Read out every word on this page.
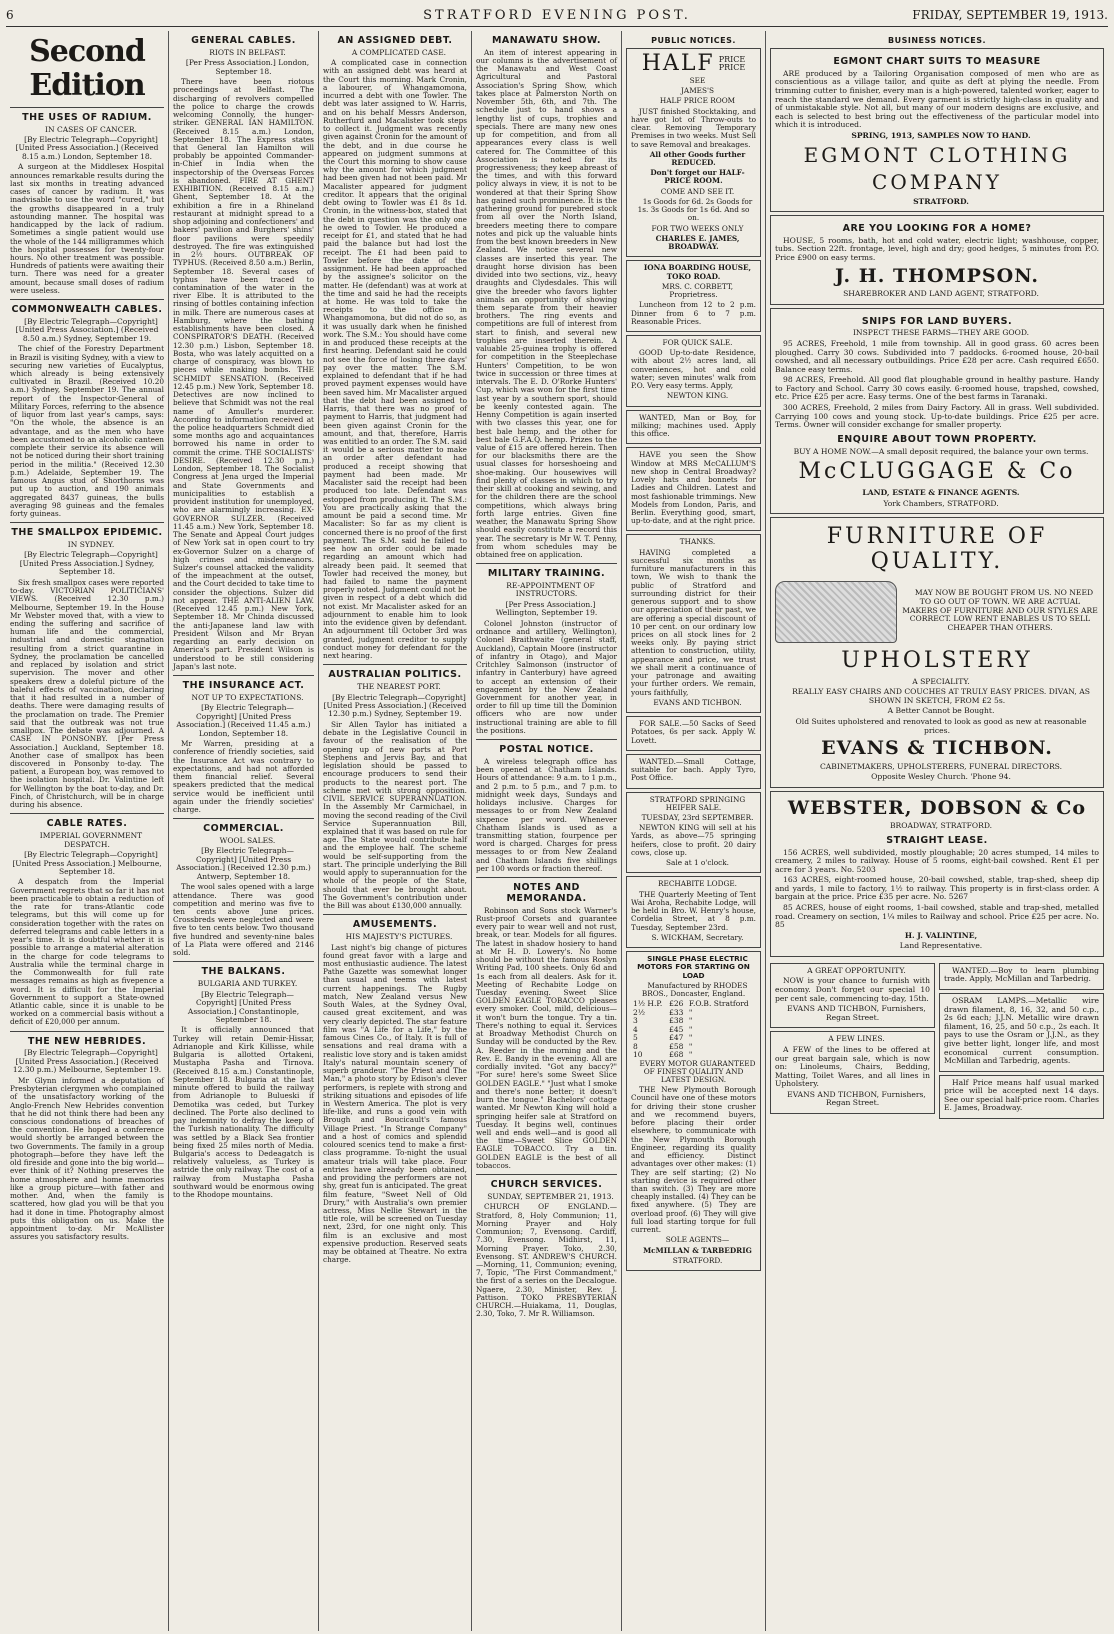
6	STRATFORD EVENING POST.	FRIDAY, SEPTEMBER 19, 1913.
Second Edition
THE USES OF RADIUM.

IN CASES OF CANCER.

[By Electric Telegraph—Copyright] [United Press Association.] (Received 8.15 a.m.) London, September 18.

A surgeon at the Middlesex Hospital announces remarkable results during the last six months in treating advanced cases of cancer by radium. It was inadvisable to use the word "cured," but the growths disappeared in a truly astounding manner. The hospital was handicapped by the lack of radium. Sometimes a single patient would use the whole of the 144 milligrammes which the hospital possesses for twenty-four hours. No other treatment was possible. Hundreds of patients were awaiting their turn. There was need for a greater amount, because small doses of radium were useless.

COMMONWEALTH CABLES.

[By Electric Telegraph—Copyright] [United Press Association.] (Received 8.50 a.m.) Sydney, September 19.

The chief of the Forestry Department in Brazil is visiting Sydney, with a view to securing new varieties of Eucalyptus, which already is being extensively cultivated in Brazil. (Received 10.20 a.m.) Sydney, September 19. The annual report of the Inspector-General of Military Forces, referring to the absence of liquor from last year's camps, says: "On the whole, the absence is an advantage, and as the men who have been accustomed to an alcoholic canteen complete their service its absence will not be noticed during their short training period in the militia." (Received 12.30 p.m.) Adelaide, September 19. The famous Angus stud of Shorthorns was put up to auction, and 190 animals aggregated 8437 guineas, the bulls averaging 98 guineas and the females forty guineas.

THE SMALLPOX EPIDEMIC.

IN SYDNEY.

[By Electric Telegraph—Copyright] [United Press Association.] Sydney, September 18.

Six fresh smallpox cases were reported to-day. VICTORIAN POLITICIANS' VIEWS. (Received 12.30 p.m.) Melbourne, September 19. In the House Mr Webster moved that, with a view to ending the suffering and sacrifice of human life and the commercial, industrial and domestic stagnation resulting from a strict quarantine in Sydney, the proclamation be cancelled and replaced by isolation and strict supervision. The mover and other speakers drew a doleful picture of the baleful effects of vaccination, declaring that it had resulted in a number of deaths. There were damaging results of the proclamation on trade. The Premier said that the outbreak was not true smallpox. The debate was adjourned. A CASE IN PONSONBY. [Per Press Association.] Auckland, September 18. Another case of smallpox has been discovered in Ponsonby to-day. The patient, a European boy, was removed to the isolation hospital. Dr. Valintine left for Wellington by the boat to-day, and Dr. Finch, of Christchurch, will be in charge during his absence.

CABLE RATES.

IMPERIAL GOVERNMENT DESPATCH.

[By Electric Telegraph—Copyright] [United Press Association.] Melbourne, September 18.

A despatch from the Imperial Government regrets that so far it has not been practicable to obtain a reduction of the rate for trans-Atlantic code telegrams, but this will come up for consideration together with the rates on deferred telegrams and cable letters in a year's time. It is doubtful whether it is possible to arrange a material alteration in the charge for code telegrams to Australia while the terminal charge in the Commonwealth for full rate messages remains as high as fivepence a word. It is difficult for the Imperial Government to support a State-owned Atlantic cable, since it is unable to be worked on a commercial basis without a deficit of £20,000 per annum.

THE NEW HEBRIDES.

[By Electric Telegraph—Copyright] [United Press Association.] (Received 12.30 p.m.) Melbourne, September 19.

Mr Glynn informed a deputation of Presbyterian clergymen who complained of the unsatisfactory working of the Anglo-French New Hebrides convention that he did not think there had been any conscious condonations of breaches of the convention. He hoped a conference would shortly be arranged between the two Governments. The family in a group photograph—before they have left the old fireside and gone into the big world—ever think of it? Nothing preserves the home atmosphere and home memories like a group picture—with father and mother. And, when the family is scattered, how glad you will be that you had it done in time. Photography almost puts this obligation on us. Make the appointment to-day. Mr McAllister assures you satisfactory results.

GENERAL CABLES.

RIOTS IN BELFAST.

[Per Press Association.] London, September 18.

There have been riotous proceedings at Belfast. The discharging of revolvers compelled the police to charge the crowds welcoming Connolly, the hunger-striker. GENERAL IAN HAMILTON. (Received 8.15 a.m.) London, September 18. The Express states that General Ian Hamilton will probably be appointed Commander-in-Chief in India when the inspectorship of the Overseas Forces is abandoned. FIRE AT GHENT EXHIBITION. (Received 8.15 a.m.) Ghent, September 18. At the exhibition a fire in a Rhineland restaurant at midnight spread to a shop adjoining and confectioners' and bakers' pavilion and Burghers' shins' floor pavilions were speedily destroyed. The fire was extinguished in 2½ hours. OUTBREAK OF TYPHUS. (Received 8.50 a.m.) Berlin, September 18. Several cases of typhus have been traced to contamination of the water in the river Elbe. It is attributed to the rinsing of bottles containing infection in milk. There are numerous cases at Hamburg, where the bathing establishments have been closed. A CONSPIRATOR'S DEATH. (Received 12.30 p.m.) Lisbon, September 18. Bosta, who was lately acquitted on a charge of conspiracy, was blown to pieces while making bombs. THE SCHMIDT SENSATION. (Received 12.45 p.m.) New York, September 18. Detectives are now inclined to believe that Schmidt was not the real name of Amuller's murderer. According to information received at the police headquarters Schmidt died some months ago and acquaintances borrowed his name in order to commit the crime. THE SOCIALISTS' DESIRE. (Received 12.30 p.m.) London, September 18. The Socialist Congress at Jena urged the Imperial and State Governments and municipalities to establish a provident institution for unemployed, who are alarmingly increasing. EX-GOVERNOR SULZER. (Received 11.45 a.m.) New York, September 18. The Senate and Appeal Court judges of New York sat in open court to try ex-Governor Sulzer on a charge of high crimes and misdemeanors. Sulzer's counsel attacked the validity of the impeachment at the outset, and the Court decided to take time to consider the objections. Sulzer did not appear. THE ANTI-ALIEN LAW. (Received 12.45 p.m.) New York, September 18. Mr Chinda discussed the anti-Japanese land law with President Wilson and Mr Bryan regarding an early decision on America's part. President Wilson is understood to be still considering Japan's last note.

THE INSURANCE ACT.

NOT UP TO EXPECTATIONS.

[By Electric Telegraph—Copyright] [United Press Association.] (Received 11.45 a.m.) London, September 18.

Mr Warren, presiding at a conference of friendly societies, said the Insurance Act was contrary to expectations, and had not afforded them financial relief. Several speakers predicted that the medical service would be inefficient until again under the friendly societies' charge.

COMMERCIAL.

WOOL SALES.

[By Electric Telegraph—Copyright] [United Press Association.] (Received 12.30 p.m.) Antwerp, September 18.

The wool sales opened with a large attendance. There was good competition and merino was five to ten cents above June prices. Crossbreds were neglected and were five to ten cents below. Two thousand five hundred and seventy-nine bales of La Plata were offered and 2146 sold.

THE BALKANS.

BULGARIA AND TURKEY.

[By Electric Telegraph—Copyright] [United Press Association.] Constantinople, September 18.

It is officially announced that Turkey will retain Demir-Hissar, Adrianople and Kirk Killisse, while Bulgaria is allotted Ortakeni, Mustapha Pasha and Tirnova. (Received 8.15 a.m.) Constantinople, September 18. Bulgaria at the last minute offered to build the railway from Adrianople to Bulueski if Demotika was ceded, but Turkey declined. The Porte also declined to pay indemnity to defray the keep of the Turkish nationality. The difficulty was settled by a Black Sea frontier being fixed 25 miles north of Media. Bulgaria's access to Dedeagatch is relatively valueless, as Turkey is astride the only railway. The cost of a railway from Mustapha Pasha southward would be enormous owing to the Rhodope mountains.

AN ASSIGNED DEBT.

A COMPLICATED CASE.

A complicated case in connection with an assigned debt was heard at the Court this morning. Mark Cronin, a labourer, of Whangamomona, incurred a debt with one Towler. The debt was later assigned to W. Harris, and on his behalf Messrs Anderson, Rutherfurd and Macalister took steps to collect it. Judgment was recently given against Cronin for the amount of the debt, and in due course he appeared on judgment summons at the Court this morning to show cause why the amount for which judgment had been given had not been paid. Mr Macalister appeared for judgment creditor. It appears that the original debt owing to Towler was £1 8s 1d. Cronin, in the witness-box, stated that the debt in question was the only one he owed to Towler. He produced a receipt for £1, and stated that he had paid the balance but had lost the receipt. The £1 had been paid to Towler before the date of the assignment. He had been approached by the assignee's solicitor on the matter. He (defendant) was at work at the time and said he had the receipts at home. He was told to take the receipts to the office in Whangamomona, but did not do so, as it was usually dark when he finished work. The S.M.: You should have come in and produced these receipts at the first hearing. Defendant said he could not see the force of losing three days' pay over the matter. The S.M. explained to defendant that if he had proved payment expenses would have been saved him. Mr Macalister argued that the debt had been assigned to Harris, that there was no proof of payment to Harris, that judgment had been given against Cronin for the amount, and that, therefore, Harris was entitled to an order. The S.M. said it would be a serious matter to make an order after defendant had produced a receipt showing that payment had been made. Mr Macalister said the receipt had been produced too late. Defendant was estopped from producing it. The S.M.: You are practically asking that the amount be paid a second time. Mr Macalister: So far as my client is concerned there is no proof of the first payment. The S.M. said he failed to see how an order could be made regarding an amount which had already been paid. It seemed that Towler had received the money, but had failed to name the payment properly noted. Judgment could not be given in respect of a debt which did not exist. Mr Macalister asked for an adjournment to enable him to look into the evidence given by defendant. An adjournment till October 3rd was granted, judgment creditor to supply conduct money for defendant for the next hearing.

AUSTRALIAN POLITICS.

THE NEAREST PORT.

[By Electric Telegraph—Copyright] [United Press Association.] (Received 12.30 p.m.) Sydney, September 19.

Sir Allen Taylor has initiated a debate in the Legislative Council in favour of the realisation of the opening up of new ports at Port Stephens and Jervis Bay, and that legislation should be passed to encourage producers to send their products to the nearest port. The scheme met with strong opposition. CIVIL SERVICE SUPERANNUATION. In the Assembly Mr Carmichael, in moving the second reading of the Civil Service Superannuation Bill, explained that it was based on rule for age. The State would contribute half and the employee half. The scheme would be self-supporting from the start. The principle underlying the Bill would apply to superannuation for the whole of the people of the State, should that ever be brought about. The Government's contribution under the Bill was about £130,000 annually.

AMUSEMENTS.

HIS MAJESTY'S PICTURES.

Last night's big change of pictures found great favor with a large and most enthusiastic audience. The latest Pathe Gazette was somewhat longer than usual and teems with latest current happenings. The Rugby match, New Zealand versus New South Wales, at the Sydney Oval, caused great excitement, and was very clearly depicted. The star feature film was "A Life for a Life," by the famous Cines Co., of Italy. It is full of sensations and real drama with a realistic love story and is taken amidst Italy's natural mountain scenery of superb grandeur. "The Priest and The Man," a photo story by Edison's clever performers, is replete with strong and striking situations and episodes of life in Western America. The plot is very life-like, and runs a good vein with Brough and Boucicault's famous Village Priest. "In Strange Company" and a host of comics and splendid coloured scenics tend to make a first-class programme. To-night the usual amateur trials will take place. Four entries have already been obtained, and providing the performers are not shy, great fun is anticipated. The great film feature, "Sweet Nell of Old Drury," with Australia's own premier actress, Miss Nellie Stewart in the title role, will be screened on Tuesday next, 23rd, for one night only. This film is an exclusive and most expensive production. Reserved seats may be obtained at Theatre. No extra charge.

MANAWATU SHOW.

An item of interest appearing in our columns is the advertisement of the Manawatu and West Coast Agricultural and Pastoral Association's Spring Show, which takes place at Palmerston North on November 5th, 6th, and 7th. The schedule just to hand shows a lengthy list of cups, trophies and specials. There are many new ones up for competition, and from all appearances every class is well catered for. The Committee of this Association is noted for its progressiveness; they keep abreast of the times, and with this forward policy always in view, it is not to be wondered at that their Spring Show has gained such prominence. It is the gathering ground for purebred stock from all over the North Island, breeders meeting there to compare notes and pick up the valuable hints from the best known breeders in New Zealand. We notice several new classes are inserted this year. The draught horse division has been divided into two sections, viz., heavy draughts and Clydesdales. This will give the breeder who favors lighter animals an opportunity of showing them separate from their heavier brothers. The ring events and competitions are full of interest from start to finish, and several new trophies are inserted therein. A valuable 25-guinea trophy is offered for competition in the Steeplechase Hunters' Competition, to be won twice in succession or three times at intervals. The E. D. O'Rorke Hunters' Cup, which was won for the first time last year by a southern sport, should be keenly contested again. The Henny Competition is again inserted with two classes this year, one for best bale hemp, and the other for best bale G.F.A.Q. hemp. Prizes to the value of £15 are offered herein. Then for our blacksmiths there are the usual classes for horseshoeing and shoe-making. Our housewives will find plenty of classes in which to try their skill at cooking and sewing, and for the children there are the school competitions, which always bring forth large entries. Given fine weather, the Manawatu Spring Show should easily constitute a record this year. The secretary is Mr W. T. Penny, from whom schedules may be obtained free on application.

MILITARY TRAINING.

RE-APPOINTMENT OF INSTRUCTORS.

[Per Press Association.] Wellington, September 19.

Colonel Johnston (instructor of ordnance and artillery, Wellington), Colonel Braithwaite (general staff, Auckland), Captain Moore (instructor of infantry in Otago), and Major Critchley Salmonson (instructor of infantry in Canterbury) have agreed to accept an extension of their engagement by the New Zealand Government for another year, in order to fill up time till the Dominion officers who are now under instructional training are able to fill the positions.

POSTAL NOTICE.

A wireless telegraph office has been opened at Chatham Islands. Hours of attendance: 9 a.m. to 1 p.m., and 2 p.m. to 5 p.m., and 7 p.m. to midnight week days, Sundays and holidays inclusive. Charges for messages to or from New Zealand sixpence per word. Whenever Chatham Islands is used as a transmitting station, fourpence per word is charged. Charges for press messages to or from New Zealand and Chatham Islands five shillings per 100 words or fraction thereof.

NOTES AND MEMORANDA.

Robinson and Sons stock Warner's Rust-proof Corsets and guarantee every pair to wear well and not rust, break, or tear. Models for all figures. The latest in shadow hosiery to hand at Mr H. D. Lowery's. No home should be without the famous Roslyn Writing Pad, 100 sheets. Only 6d and 1s each from all dealers. Ask for it. Meeting of Rechabite Lodge on Tuesday evening. Sweet Slice GOLDEN EAGLE TOBACCO pleases every smoker. Cool, mild, delicious—it won't burn the tongue. Try a tin. There's nothing to equal it. Services at Broadway Methodist Church on Sunday will be conducted by the Rev. A. Reeder in the morning and the Rev. E. Bandy in the evening. All are cordially invited. "Got any baccy?" "For sure! here's some Sweet Slice GOLDEN EAGLE." "Just what I smoke and there's none better; it doesn't burn the tongue." Bachelors' cottage wanted. Mr Newton King will hold a springing heifer sale at Stratford on Tuesday. It begins well, continues well and ends well—and is good all the time—Sweet Slice GOLDEN EAGLE TOBACCO. Try a tin. GOLDEN EAGLE is the best of all tobaccos.

CHURCH SERVICES.

SUNDAY, SEPTEMBER 21, 1913.

CHURCH OF ENGLAND.—Stratford, 8, Holy Communion; 11, Morning Prayer and Holy Communion; 7, Evensong. Cardiff, 7.30, Evensong. Midhirst, 11, Morning Prayer. Toko, 2.30, Evensong. ST. ANDREW'S CHURCH.—Morning, 11, Communion; evening, 7, Topic, "The First Commandment," the first of a series on the Decalogue. Ngaere, 2.30, Minister, Rev. J. Pattison. TOKO PRESBYTERIAN CHURCH.—Huiakama, 11, Douglas, 2.30, Toko, 7. Mr R. Williamson.

PUBLIC NOTICES.
HALF PRICE
PRICE

SEE

JAMES'S

HALF PRICE ROOM

JUST finished Stocktaking, and have got lot of Throw-outs to clear. Removing Temporary Premises in two weeks. Must Sell to save Removal and breakages.

All other Goods further REDUCED.

Don't forget our HALF-PRICE ROOM.

COME AND SEE IT.

1s Goods for 6d. 2s Goods for 1s. 3s Goods for 1s 6d. And so on.

FOR TWO WEEKS ONLY

CHARLES E. JAMES, BROADWAY.

IONA BOARDING HOUSE, TOKO ROAD.

MRS. C. CORBETT, Proprietress.

Luncheon from 12 to 2 p.m. Dinner from 6 to 7 p.m. Reasonable Prices.

FOR QUICK SALE.

GOOD Up-to-date Residence, with about 2½ acres land, all conveniences, hot and cold water; seven minutes' walk from P.O. Very easy terms. Apply,

NEWTON KING.

WANTED, Man or Boy, for milking; machines used. Apply this office.

HAVE you seen the Show Window at MRS McCALLUM'S new shop in Central Broadway? Lovely hats and bonnets for Ladies and Children. Latest and most fashionable trimmings. New Models from London, Paris, and Berlin. Everything good, smart, up-to-date, and at the right price.

THANKS.

HAVING completed a successful six months as furniture manufacturers in this town, We wish to thank the public of Stratford and surrounding district for their generous support and to show our appreciation of their past, we are offering a special discount of 10 per cent. on our ordinary low prices on all stock lines for 2 weeks only. By paying strict attention to construction, utility, appearance and price, we trust we shall merit a continuance of your patronage and awaiting your further orders. We remain, yours faithfully,

EVANS AND TICHBON.

FOR SALE.—50 Sacks of Seed Potatoes, 6s per sack. Apply W. Lovett.

WANTED.—Small Cottage, suitable for bach. Apply Tyro, Post Office.

STRATFORD SPRINGING HEIFER SALE.

TUESDAY, 23rd SEPTEMBER.

NEWTON KING will sell at his Yards, as above—75 springing heifers, close to profit. 20 dairy cows, close up.

Sale at 1 o'clock.

RECHABITE LODGE.

THE Quarterly Meeting of Tent Wai Aroha, Rechabite Lodge, will be held in Bro. W. Henry's house, Cordelia Street, at 8 p.m. Tuesday, September 23rd.

S. WICKHAM, Secretary.

SINGLE PHASE ELECTRIC MOTORS FOR STARTING ON LOAD

Manufactured by RHODES BROS., Doncaster, England.

1½ H.P.	£26	F.O.B. Stratford
2½	£33	"
3	£38	"
4	£45	"
5	£47	"
8	£58	"
10	£68	"

EVERY MOTOR GUARANTEED OF FINEST QUALITY AND LATEST DESIGN.

THE New Plymouth Borough Council have one of these motors for driving their stone crusher and we recommend buyers, before placing their order elsewhere, to communicate with the New Plymouth Borough Engineer, regarding its quality and efficiency. Distinct advantages over other makes: (1) They are self starting; (2) No starting device is required other than switch. (3) They are more cheaply installed. (4) They can be fixed anywhere. (5) They are overload proof. (6) They will give full load starting torque for full current.

SOLE AGENTS—

McMILLAN & TARBEDRIG

STRATFORD.

BUSINESS NOTICES.
EGMONT CHART SUITS TO MEASURE

ARE produced by a Tailoring Organisation composed of men who are as conscientious as a village tailor, and quite as deft at plying the needle. From trimming cutter to finisher, every man is a high-powered, talented worker, eager to reach the standard we demand. Every garment is strictly high-class in quality and of unmistakable style. Not all, but many of our modern designs are exclusive, and each is selected to best bring out the effectiveness of the particular model into which it is introduced.

SPRING, 1913, SAMPLES NOW TO HAND.

EGMONT CLOTHING
COMPANY

STRATFORD.

ARE YOU LOOKING FOR A HOME?

HOUSE, 5 rooms, bath, hot and cold water, electric light; washhouse, copper, tubs. Section 22ft. frontage, level, high and dry; good hedges, 5 minutes from P.O. Price £900 on easy terms.

J. H. THOMPSON.

SHAREBROKER AND LAND AGENT, STRATFORD.

SNIPS FOR LAND BUYERS.

INSPECT THESE FARMS—THEY ARE GOOD.

95 ACRES, Freehold, 1 mile from township. All in good grass. 60 acres been ploughed. Carry 30 cows. Subdivided into 7 paddocks. 6-roomed house, 20-bail cowshed, and all necessary outbuildings. Price £28 per acre. Cash required £650. Balance easy terms.

98 ACRES, Freehold. All good flat ploughable ground in healthy pasture. Handy to Factory and School. Carry 30 cows easily. 6-roomed house, trapshed, cowshed, etc. Price £25 per acre. Easy terms. One of the best farms in Taranaki.

300 ACRES, Freehold, 2 miles from Dairy Factory. All in grass. Well subdivided. Carrying 100 cows and young stock. Up-to-date buildings. Price £25 per acre. Terms. Owner will consider exchange for smaller property.

ENQUIRE ABOUT TOWN PROPERTY.

BUY A HOME NOW.—A small deposit required, the balance your own terms.

McCLUGGAGE & Co

LAND, ESTATE & FINANCE AGENTS.

York Chambers, STRATFORD.

FURNITURE OF QUALITY.

MAY NOW BE BOUGHT FROM US. NO NEED TO GO OUT OF TOWN. WE ARE ACTUAL MAKERS OF FURNITURE AND OUR STYLES ARE CORRECT. LOW RENT ENABLES US TO SELL CHEAPER THAN OTHERS.

UPHOLSTERY

A SPECIALITY.

REALLY EASY CHAIRS AND COUCHES AT TRULY EASY PRICES. DIVAN, AS SHOWN IN SKETCH, FROM £2 5s.

A Better Cannot be Bought.

Old Suites upholstered and renovated to look as good as new at reasonable prices.

EVANS & TICHBON.

CABINETMAKERS, UPHOLSTERERS, FUNERAL DIRECTORS.

Opposite Wesley Church. 'Phone 94.

WEBSTER, DOBSON & Co

BROADWAY, STRATFORD.

STRAIGHT LEASE.

156 ACRES, well subdivided, mostly ploughable; 20 acres stumped, 14 miles to creamery, 2 miles to railway. House of 5 rooms, eight-bail cowshed. Rent £1 per acre for 3 years. No. 5203

163 ACRES, eight-roomed house, 20-bail cowshed, stable, trap-shed, sheep dip and yards, 1 mile to factory, 1½ to railway. This property is in first-class order. A bargain at the price. Price £35 per acre. No. 5267

85 ACRES, house of eight rooms, 1-bail cowshed, stable and trap-shed, metalled road. Creamery on section, 1¼ miles to Railway and school. Price £25 per acre. No. 85

H. J. VALINTINE,

Land Representative.

A GREAT OPPORTUNITY.

NOW is your chance to furnish with economy. Don't forget our special 10 per cent sale, commencing to-day, 15th.

EVANS AND TICHBON, Furnishers, Regan Street.

A FEW LINES.

A FEW of the lines to be offered at our great bargain sale, which is now on: Linoleums, Chairs, Bedding, Matting, Toilet Wares, and all lines in Upholstery.

EVANS AND TICHBON, Furnishers, Regan Street.

WANTED.—Boy to learn plumbing trade. Apply, McMillan and Tarbedrig.

OSRAM LAMPS.—Metallic wire drawn filament, 8, 16, 32, and 50 c.p., 2s 6d each; J.J.N. Metallic wire drawn filament, 16, 25, and 50 c.p., 2s each. It pays to use the Osram or J.J.N., as they give better light, longer life, and most economical current consumption. McMillan and Tarbedrig, agents.

Half Price means half usual marked price will be accepted next 14 days. See our special half-price room. Charles E. James, Broadway.
